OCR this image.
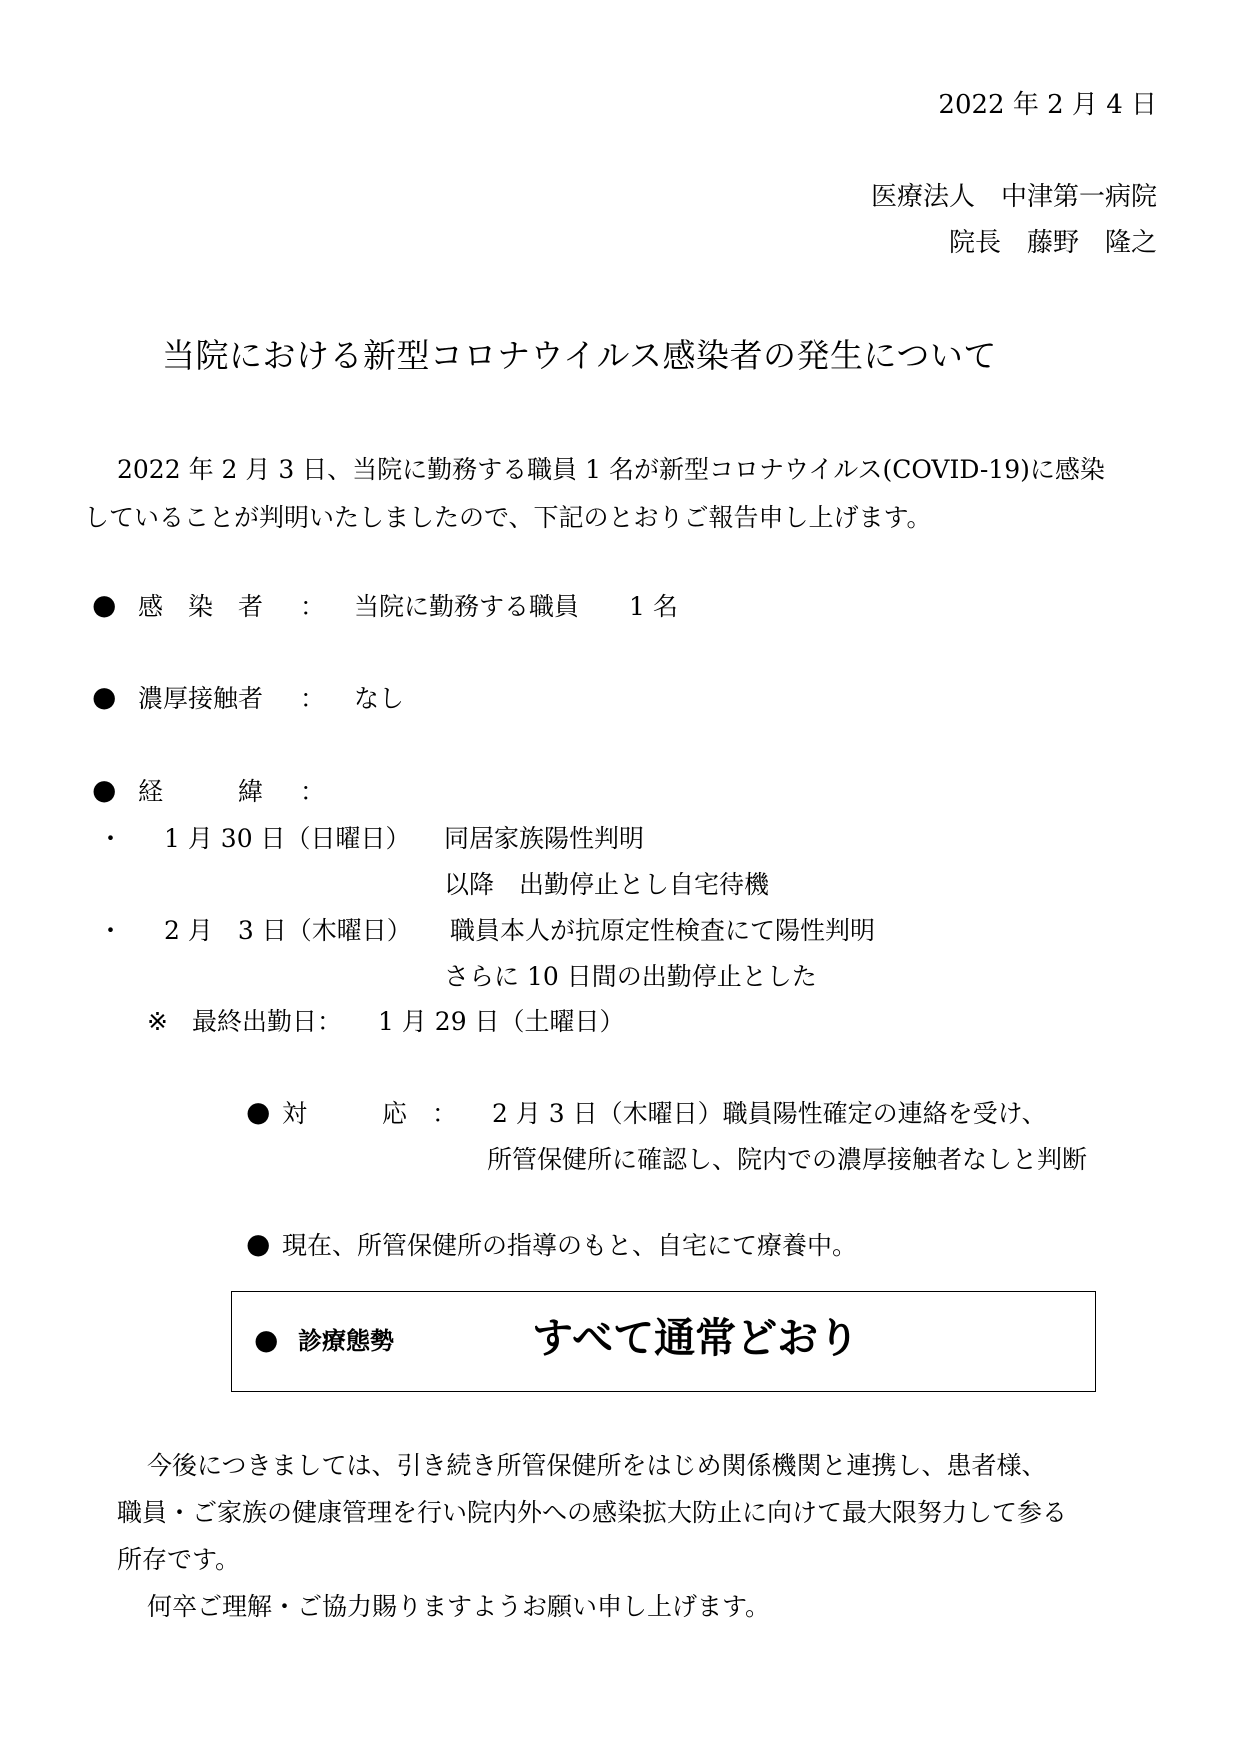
2022 年 2 月 4 日
医療法人　中津第一病院
院長　藤野　隆之
当院における新型コロナウイルス感染者の発生について
2022 年 2 月 3 日、当院に勤務する職員 1 名が新型コロナウイルス(COVID-19)に感染
していることが判明いたしましたので、下記のとおりご報告申し上げます。
● 感　染　者 ： 当院に勤務する職員　　1 名
● 濃厚接触者 ： なし
● 経　　　緯 ：
・ 1 月 30 日（日曜日） 同居家族陽性判明
以降　出勤停止とし自宅待機
・ 2 月　3 日（木曜日） 職員本人が抗原定性検査にて陽性判明
さらに 10 日間の出勤停止とした
※ 最終出勤日： 1 月 29 日（土曜日）
● 対　　　応　： 2 月 3 日（木曜日）職員陽性確定の連絡を受け、
所管保健所に確認し、院内での濃厚接触者なしと判断
● 現在、所管保健所の指導のもと、自宅にて療養中。
● 診療態勢	すべて通常どおり
今後につきましては、引き続き所管保健所をはじめ関係機関と連携し、患者様、
職員・ご家族の健康管理を行い院内外への感染拡大防止に向けて最大限努力して参る
所存です。
何卒ご理解・ご協力賜りますようお願い申し上げます。
